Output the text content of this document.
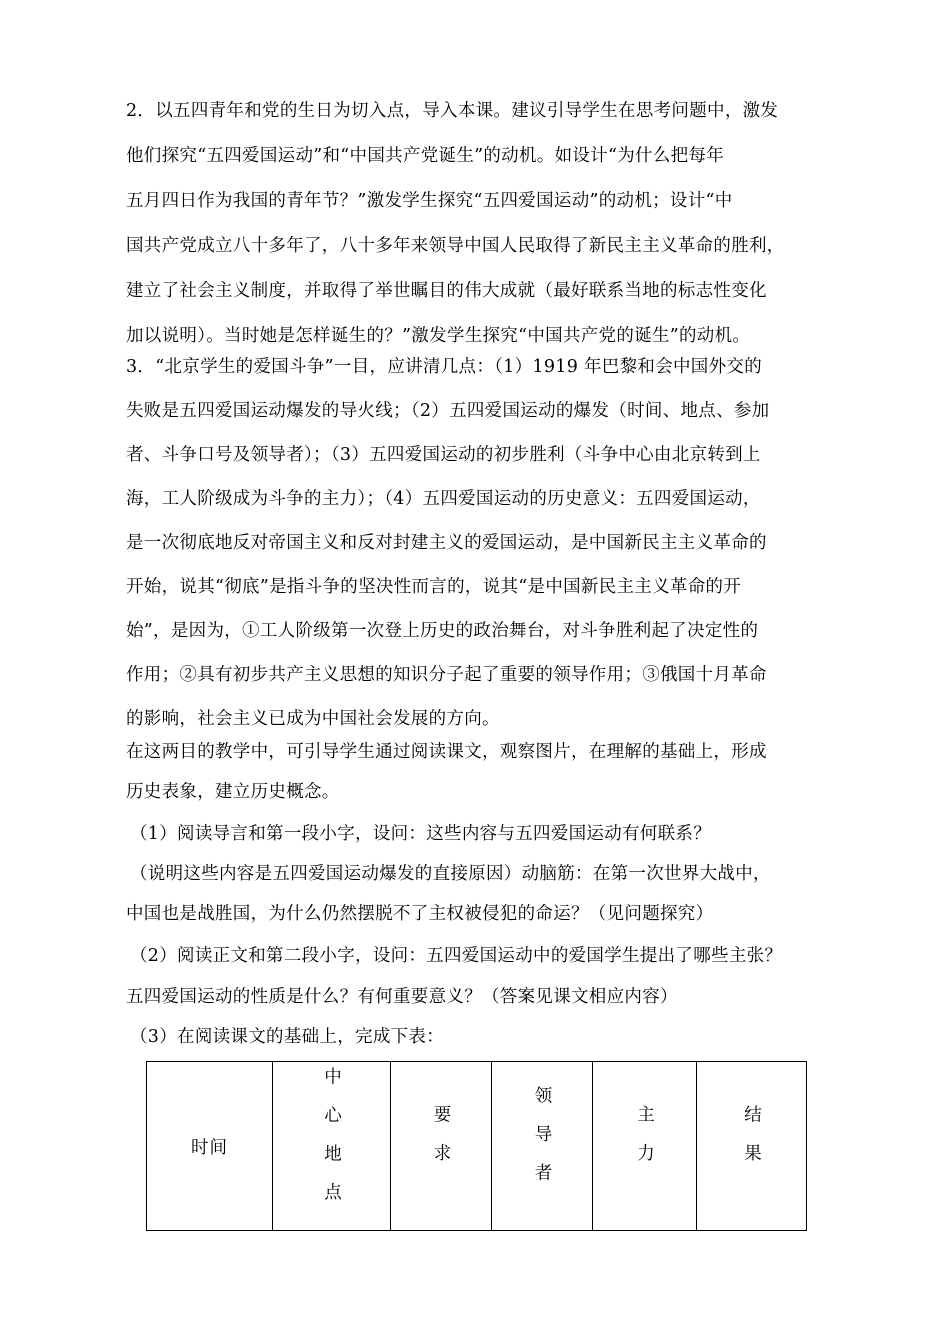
2．以五四青年和党的生日为切入点，导入本课。建议引导学生在思考问题中，激发
他们探究“五四爱国运动”和“中国共产党诞生”的动机。如设计“为什么把每年
五月四日作为我国的青年节？”激发学生探究“五四爱国运动”的动机；设计“中
国共产党成立八十多年了，八十多年来领导中国人民取得了新民主主义革命的胜利，
建立了社会主义制度，并取得了举世瞩目的伟大成就（最好联系当地的标志性变化
加以说明）。当时她是怎样诞生的？”激发学生探究“中国共产党的诞生”的动机。
3．“北京学生的爱国斗争”一目，应讲清几点：（1）1919 年巴黎和会中国外交的
失败是五四爱国运动爆发的导火线；（2）五四爱国运动的爆发（时间、地点、参加
者、斗争口号及领导者）；（3）五四爱国运动的初步胜利（斗争中心由北京转到上
海，工人阶级成为斗争的主力）；（4）五四爱国运动的历史意义：五四爱国运动，
是一次彻底地反对帝国主义和反对封建主义的爱国运动，是中国新民主主义革命的
开始，说其“彻底”是指斗争的坚决性而言的，说其“是中国新民主主义革命的开
始”，是因为，①工人阶级第一次登上历史的政治舞台，对斗争胜利起了决定性的
作用；②具有初步共产主义思想的知识分子起了重要的领导作用；③俄国十月革命
的影响，社会主义已成为中国社会发展的方向。
在这两目的教学中，可引导学生通过阅读课文，观察图片，在理解的基础上，形成
历史表象，建立历史概念。
（1）阅读导言和第一段小字，设问：这些内容与五四爱国运动有何联系？
（说明这些内容是五四爱国运动爆发的直接原因）动脑筋：在第一次世界大战中，
中国也是战胜国，为什么仍然摆脱不了主权被侵犯的命运？（见问题探究）
（2）阅读正文和第二段小字，设问：五四爱国运动中的爱国学生提出了哪些主张？
五四爱国运动的性质是什么？有何重要意义？（答案见课文相应内容）
（3）在阅读课文的基础上，完成下表：
时间	中心地点	要求	领导者	主力	结果
